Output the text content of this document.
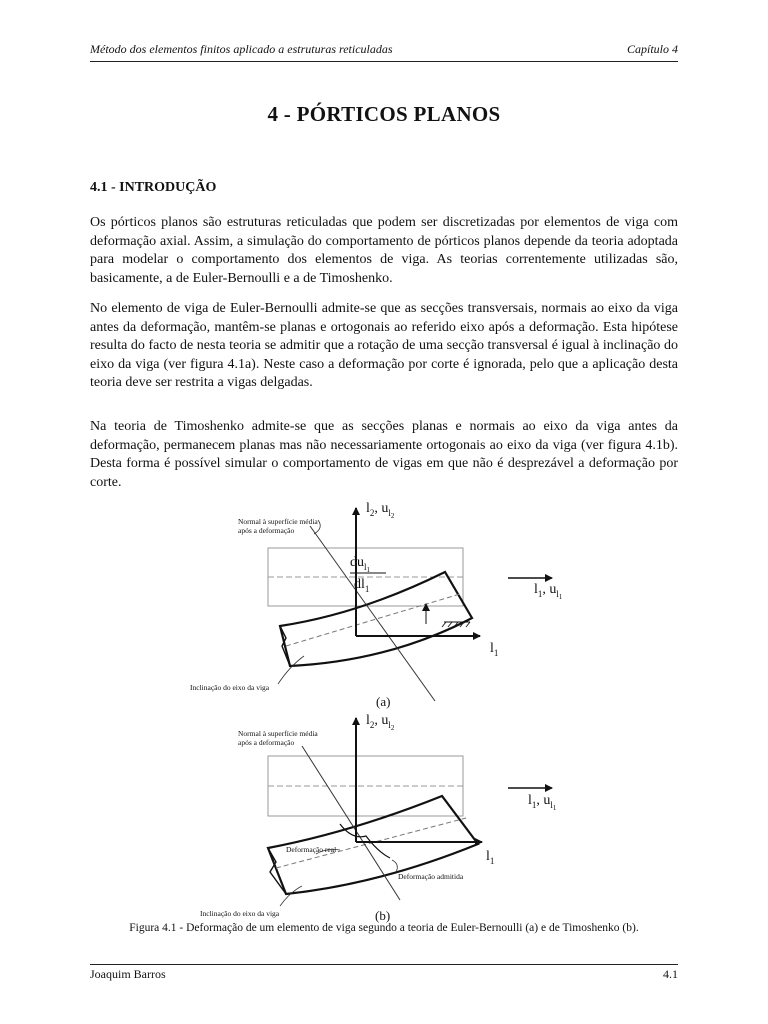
Método dos elementos finitos aplicado a estruturas reticuladas	Capítulo 4
4 - PÓRTICOS PLANOS
4.1 - INTRODUÇÃO

Os pórticos planos são estruturas reticuladas que podem ser discretizadas por elementos de viga com deformação axial. Assim, a simulação do comportamento de pórticos planos depende da teoria adoptada para modelar o comportamento dos elementos de viga. As teorias correntemente utilizadas são, basicamente, a de Euler-Bernoulli e a de Timoshenko.

No elemento de viga de Euler-Bernoulli admite-se que as secções transversais, normais ao eixo da viga antes da deformação, mantêm-se planas e ortogonais ao referido eixo após a deformação. Esta hipótese resulta do facto de nesta teoria se admitir que a rotação de uma secção transversal é igual à inclinação do eixo da viga (ver figura 4.1a). Neste caso a deformação por corte é ignorada, pelo que a aplicação desta teoria deve ser restrita a vigas delgadas.

Na teoria de Timoshenko admite-se que as secções planas e normais ao eixo da viga antes da deformação, permanecem planas mas não necessariamente ortogonais ao eixo da viga (ver figura 4.1b). Desta forma é possível simular o comportamento de vigas em que não é desprezável a deformação por corte.

Normal à superfície média
após a deformação
Inclinação do eixo da viga
$l_2$, $u_l2$
$du_l1$
$dl_1$	$l_1$, $u_l1$
$l_1$
(a)
Normal à superfície média
após a deformação
Deformação real
Deformação admitida
Inclinação do eixo da viga
$l_2$, $u_l2$
$l_1$, $u_l1$
$l_1$
(b)
Figura 4.1 - Deformação de um elemento de viga segundo a teoria de Euler-Bernoulli (a) e de Timoshenko (b).
Joaquim Barros	4.1
